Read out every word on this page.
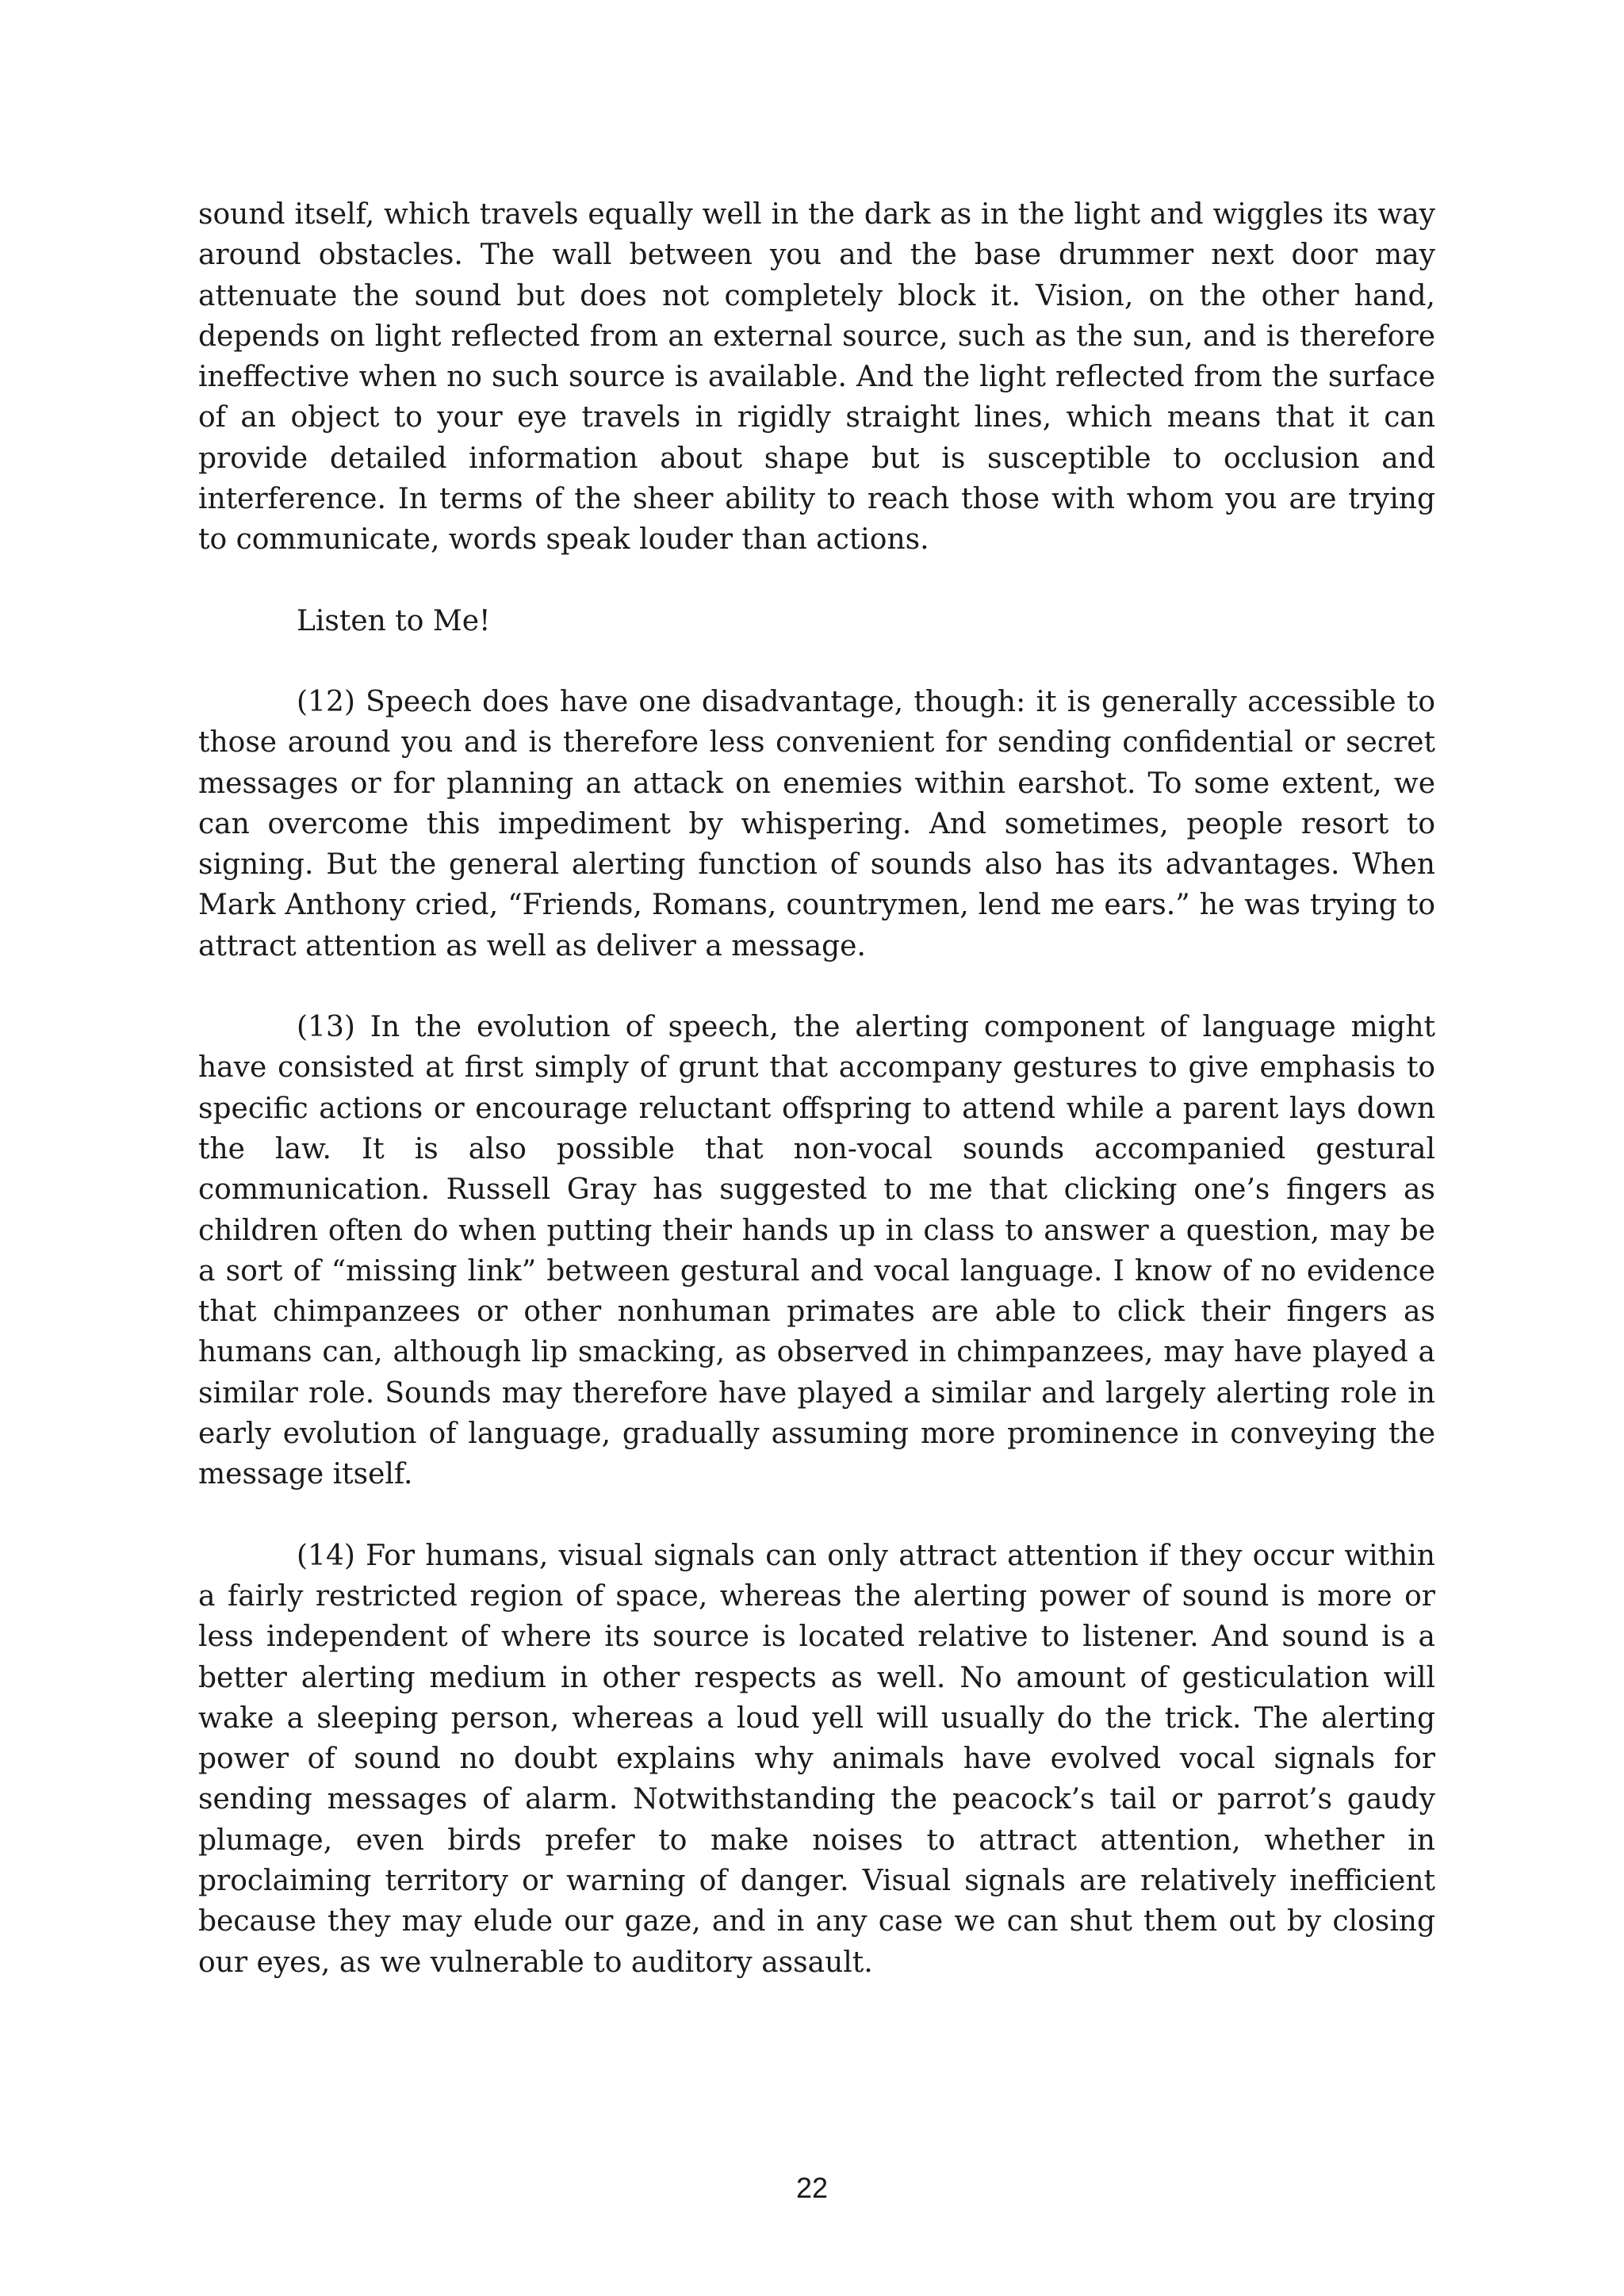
sound itself, which travels equally well in the dark as in the light and wiggles its way around obstacles. The wall between you and the base drummer next door may attenuate the sound but does not completely block it. Vision, on the other hand, depends on light reflected from an external source, such as the sun, and is therefore ineffective when no such source is available. And the light reflected from the surface of an object to your eye travels in rigidly straight lines, which means that it can provide detailed information about shape but is susceptible to occlusion and interference. In terms of the sheer ability to reach those with whom you are trying to communicate, words speak louder than actions.

Listen to Me!

(12) Speech does have one disadvantage, though: it is generally accessible to those around you and is therefore less convenient for sending confidential or secret messages or for planning an attack on enemies within earshot. To some extent, we can overcome this impediment by whispering. And sometimes, people resort to signing. But the general alerting function of sounds also has its advantages. When Mark Anthony cried, “Friends, Romans, countrymen, lend me ears.” he was trying to attract attention as well as deliver a message.

(13) In the evolution of speech, the alerting component of language might have consisted at first simply of grunt that accompany gestures to give emphasis to specific actions or encourage reluctant offspring to attend while a parent lays down the law. It is also possible that non-vocal sounds accompanied gestural communication. Russell Gray has suggested to me that clicking one’s fingers as children often do when putting their hands up in class to answer a question, may be a sort of “missing link” between gestural and vocal language. I know of no evidence that chimpanzees or other nonhuman primates are able to click their fingers as humans can, although lip smacking, as observed in chimpanzees, may have played a similar role. Sounds may therefore have played a similar and largely alerting role in early evolution of language, gradually assuming more prominence in conveying the message itself.

(14) For humans, visual signals can only attract attention if they occur within a fairly restricted region of space, whereas the alerting power of sound is more or less independent of where its source is located relative to listener. And sound is a better alerting medium in other respects as well. No amount of gesticulation will wake a sleeping person, whereas a loud yell will usually do the trick. The alerting power of sound no doubt explains why animals have evolved vocal signals for sending messages of alarm. Notwithstanding the peacock’s tail or parrot’s gaudy plumage, even birds prefer to make noises to attract attention, whether in proclaiming territory or warning of danger. Visual signals are relatively inefficient because they may elude our gaze, and in any case we can shut them out by closing our eyes, as we vulnerable to auditory assault.

22
